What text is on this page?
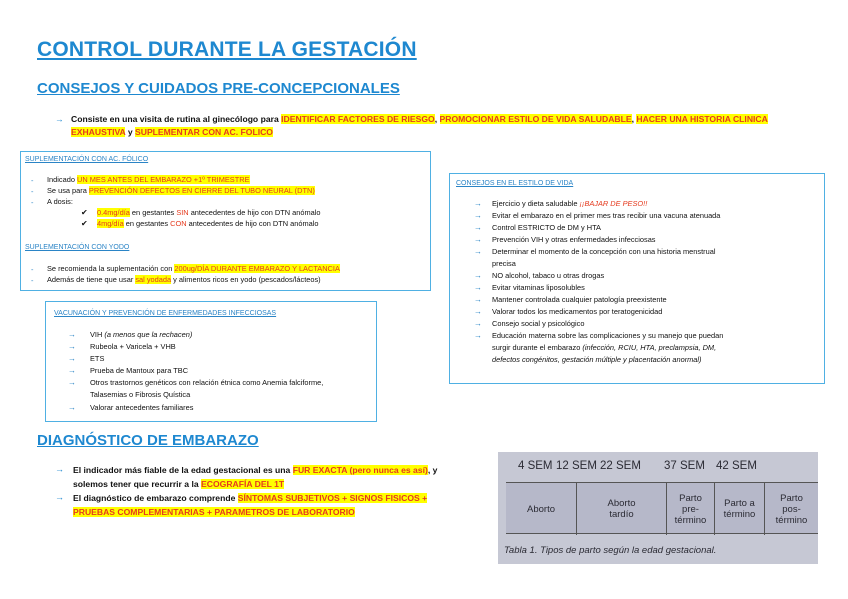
CONTROL DURANTE LA GESTACIÓN
CONSEJOS Y CUIDADOS PRE-CONCEPCIONALES
→ Consiste en una visita de rutina al ginecólogo para IDENTIFICAR FACTORES DE RIESGO, PROMOCIONAR ESTILO DE VIDA SALUDABLE, HACER UNA HISTORIA CLINICA EXHAUSTIVA y SUPLEMENTAR CON AC. FOLICO
SUPLEMENTACIÓN CON AC. FÓLICO
- Indicado UN MES ANTES DEL EMBARAZO +1º TRIMESTRE
- Se usa para PREVENCIÓN DEFECTOS EN CIERRE DEL TUBO NEURAL (DTN)
- A dosis:
✔ 0.4mg/día en gestantes SIN antecedentes de hijo con DTN anómalo
✔ 4mg/día en gestantes CON antecedentes de hijo con DTN anómalo
SUPLEMENTACIÓN CON YODO
- Se recomienda la suplementación con 200ug/DÍA DURANTE EMBARAZO Y LACTANCIA
- Además de tiene que usar sal yodada y alimentos ricos en yodo (pescados/lácteos)
VACUNACIÓN Y PREVENCIÓN DE ENFERMEDADES INFECCIOSAS
→ VIH (a menos que la rechacen)
→ Rubeola + Varicela + VHB
→ ETS
→ Prueba de Mantoux para TBC
→ Otros trastornos genéticos con relación étnica como Anemia falciforme,
Talasemias o Fibrosis Quística
→ Valorar antecedentes familiares
CONSEJOS EN EL ESTILO DE VIDA
→ Ejercicio y dieta saludable ¡¡BAJAR DE PESO!!
→ Evitar el embarazo en el primer mes tras recibir una vacuna atenuada
→ Control ESTRICTO de DM y HTA
→ Prevención VIH y otras enfermedades infecciosas
→ Determinar el momento de la concepción con una historia menstrual
precisa
→ NO alcohol, tabaco u otras drogas
→ Evitar vitaminas liposolubles
→ Mantener controlada cualquier patología preexistente
→ Valorar todos los medicamentos por teratogenicidad
→ Consejo social y psicológico
→ Educación materna sobre las complicaciones y su manejo que puedan
surgir durante el embarazo (infección, RCIU, HTA, preclampsia, DM,
defectos congénitos, gestación múltiple y placentación anormal)
DIAGNÓSTICO DE EMBARAZO
→ El indicador más fiable de la edad gestacional es una FUR EXACTA (pero nunca es así), y
solemos tener que recurrir a la ECOGRAFÍA DEL 1T
→ El diagnóstico de embarazo comprende SÍNTOMAS SUBJETIVOS + SIGNOS FISICOS +
PRUEBAS COMPLEMENTARIAS + PARAMETROS DE LABORATORIO
4 SEM 12 SEM 22 SEM 37 SEM 42 SEM
Aborto	Aborto
tardío
Parto
pre-
término
Parto a
término
Parto
pos-
término
Tabla 1. Tipos de parto según la edad gestacional.
